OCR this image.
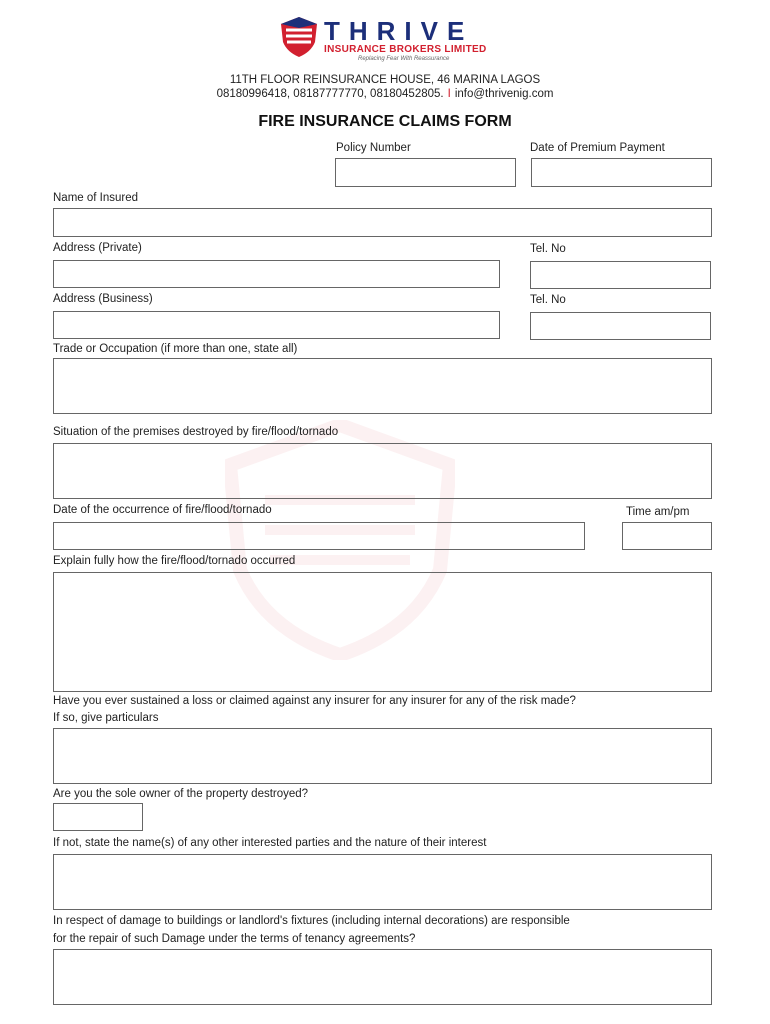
THRIVE
INSURANCE BROKERS LIMITED
Replacing Fear With Reassurance
11TH FLOOR REINSURANCE HOUSE, 46 MARINA LAGOS
08180996418, 08187777770, 08180452805. I info@thrivenig.com
FIRE INSURANCE CLAIMS FORM
Policy Number	Date of Premium Payment
Name of Insured
Address (Private)	Tel. No
Address (Business)	Tel. No
Trade or Occupation (if more than one, state all)
Situation of the premises destroyed by fire/flood/tornado
Date of the occurrence of fire/flood/tornado	Time am/pm
Explain fully how the fire/flood/tornado occurred
Have you ever sustained a loss or claimed against any insurer for any insurer for any of the risk made?
If so, give particulars
Are you the sole owner of the property destroyed?
If not, state the name(s) of any other interested parties and the nature of their interest
In respect of damage to buildings or landlord's fixtures (including internal decorations) are responsible
for the repair of such Damage under the terms of tenancy agreements?
